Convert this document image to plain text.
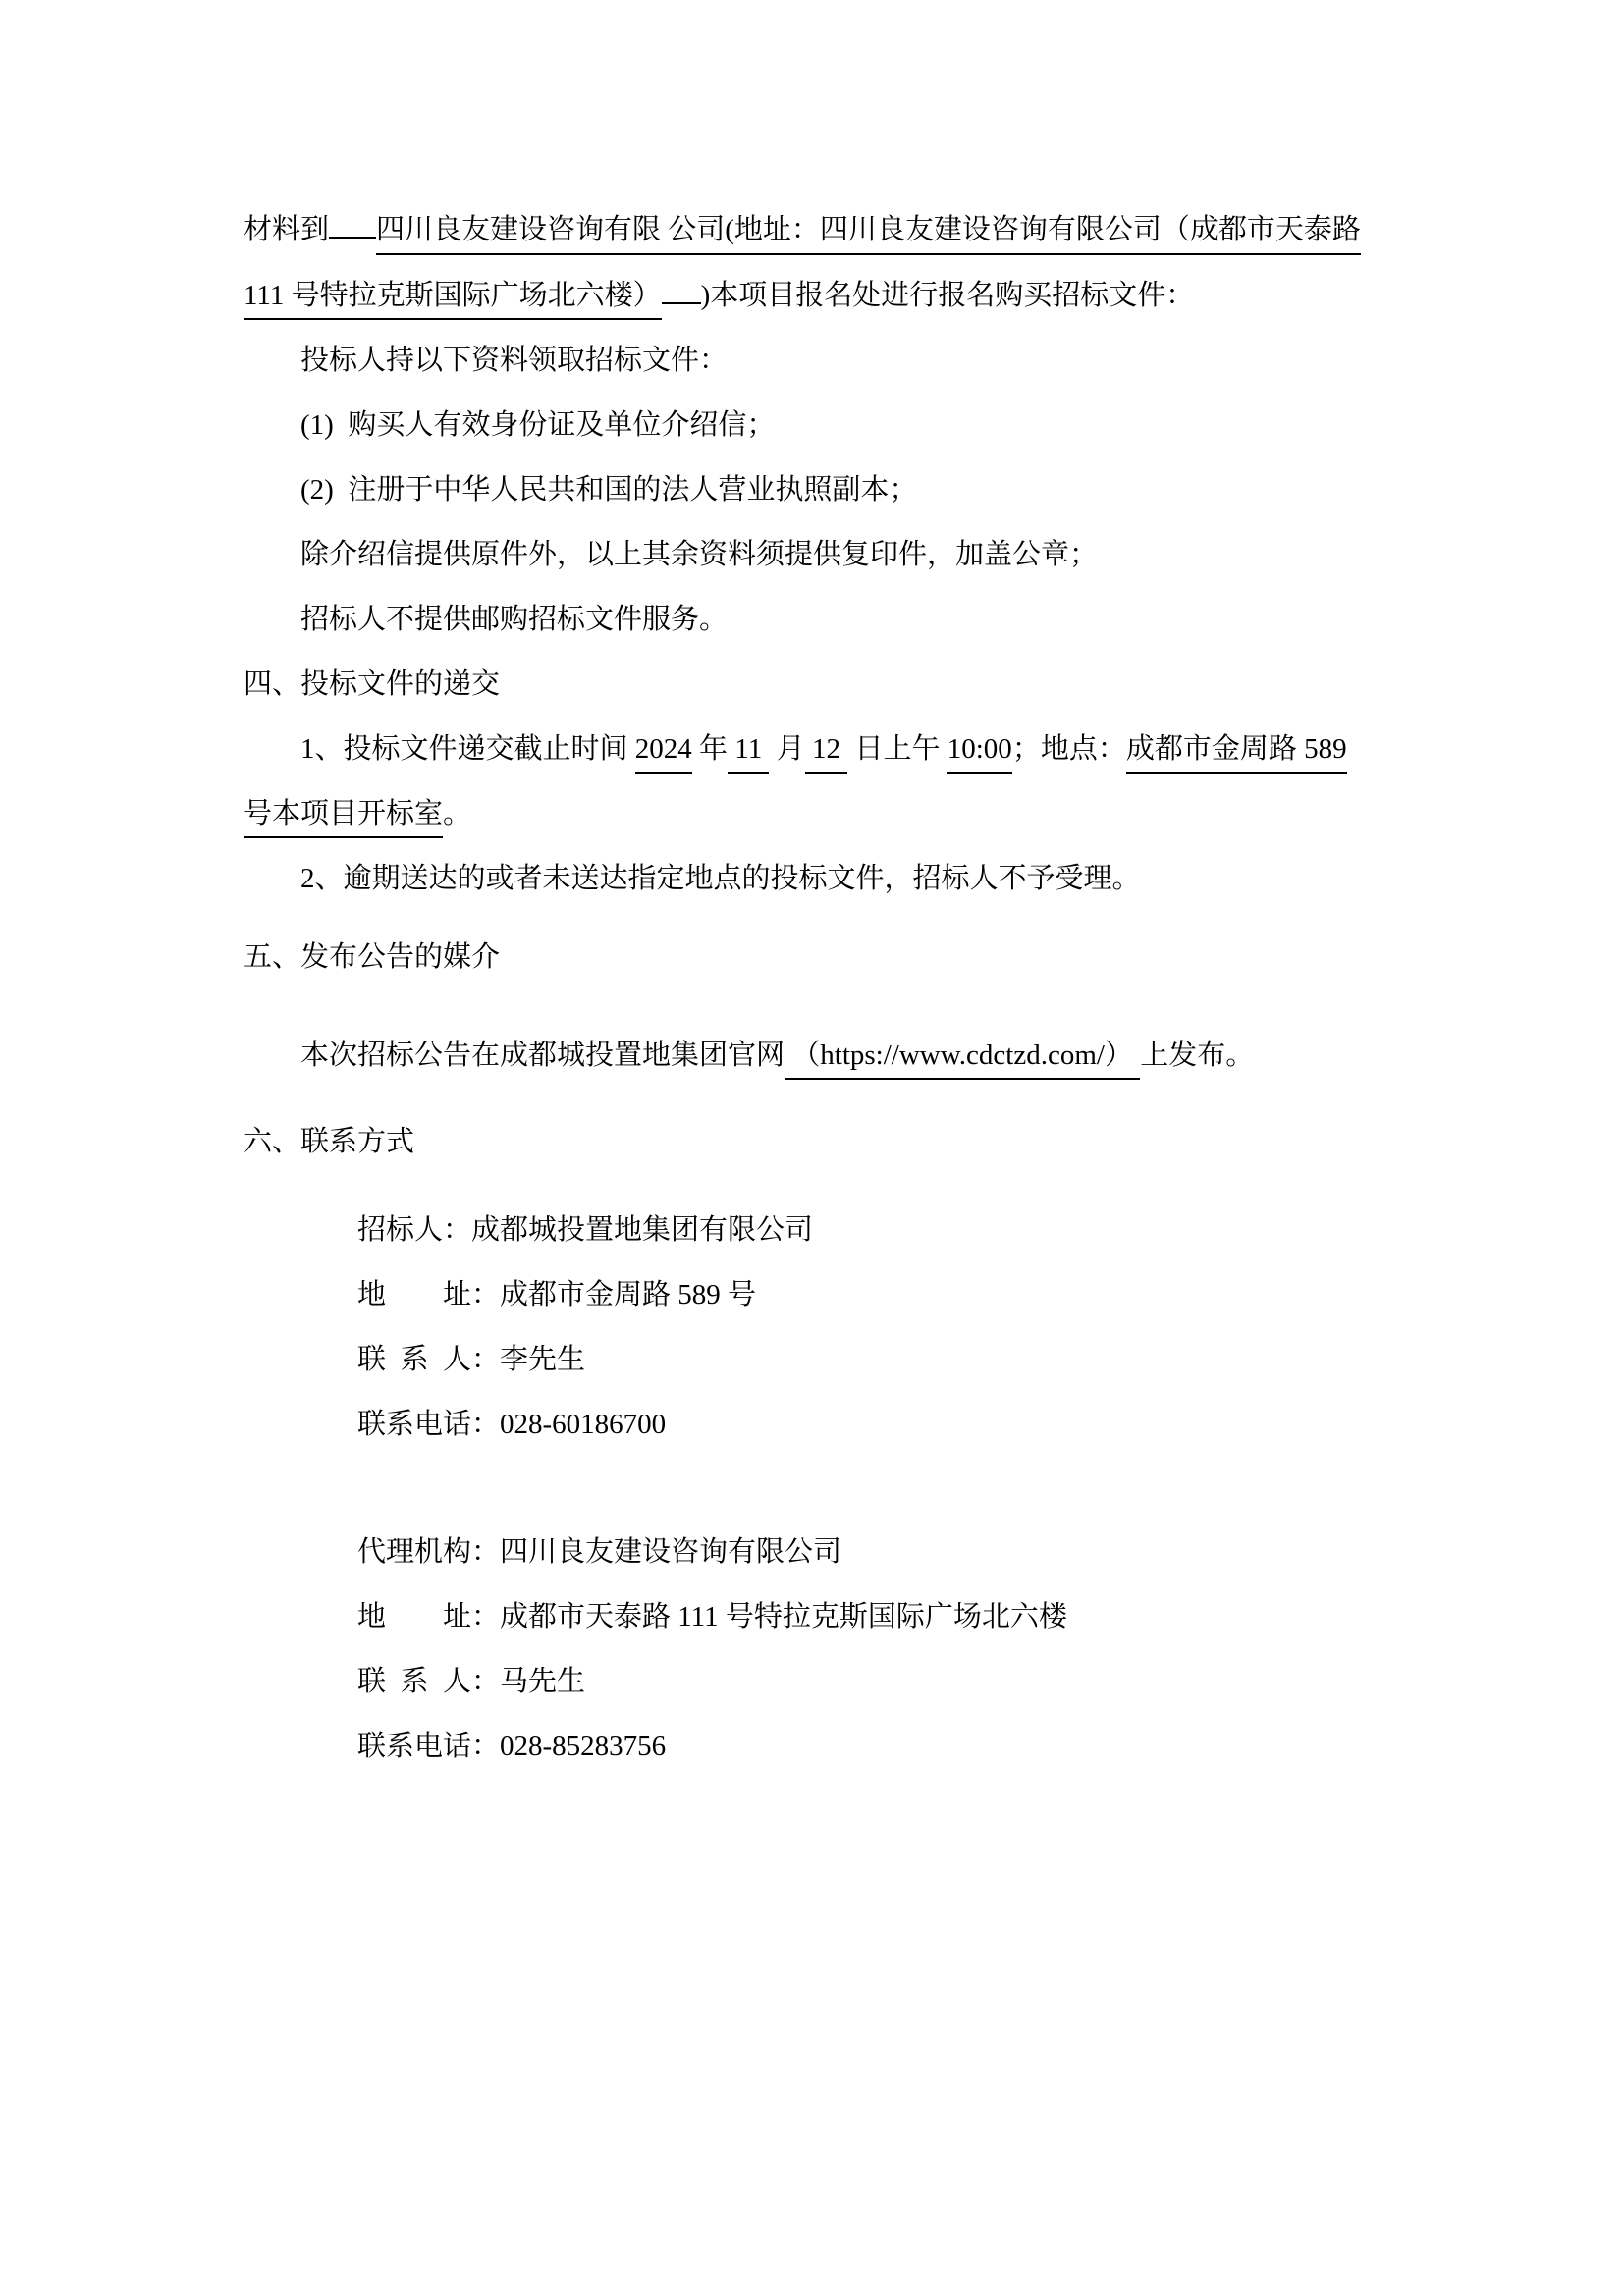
材料到 四川良友建设咨询有限 公司(地址：四川良友建设咨询有限公司（成都市天泰路

111 号特拉克斯国际广场北六楼） )本项目报名处进行报名购买招标文件：

投标人持以下资料领取招标文件：

(1)  购买人有效身份证及单位介绍信；

(2)  注册于中华人民共和国的法人营业执照副本；

除介绍信提供原件外，以上其余资料须提供复印件，加盖公章；

招标人不提供邮购招标文件服务。

四、投标文件的递交

1、投标文件递交截止时间 2024 年 11  月 12  日上午 10:00；地点：成都市金周路 589

号本项目开标室。

2、逾期送达的或者未送达指定地点的投标文件，招标人不予受理。

五、发布公告的媒介

本次招标公告在成都城投置地集团官网 （https://www.cdctzd.com/） 上发布。

六、联系方式

招标人：成都城投置地集团有限公司

地　　址：成都市金周路 589 号

联  系  人：李先生

联系电话：028-60186700

代理机构：四川良友建设咨询有限公司

地　　址：成都市天泰路 111 号特拉克斯国际广场北六楼

联  系  人：马先生

联系电话：028-85283756
